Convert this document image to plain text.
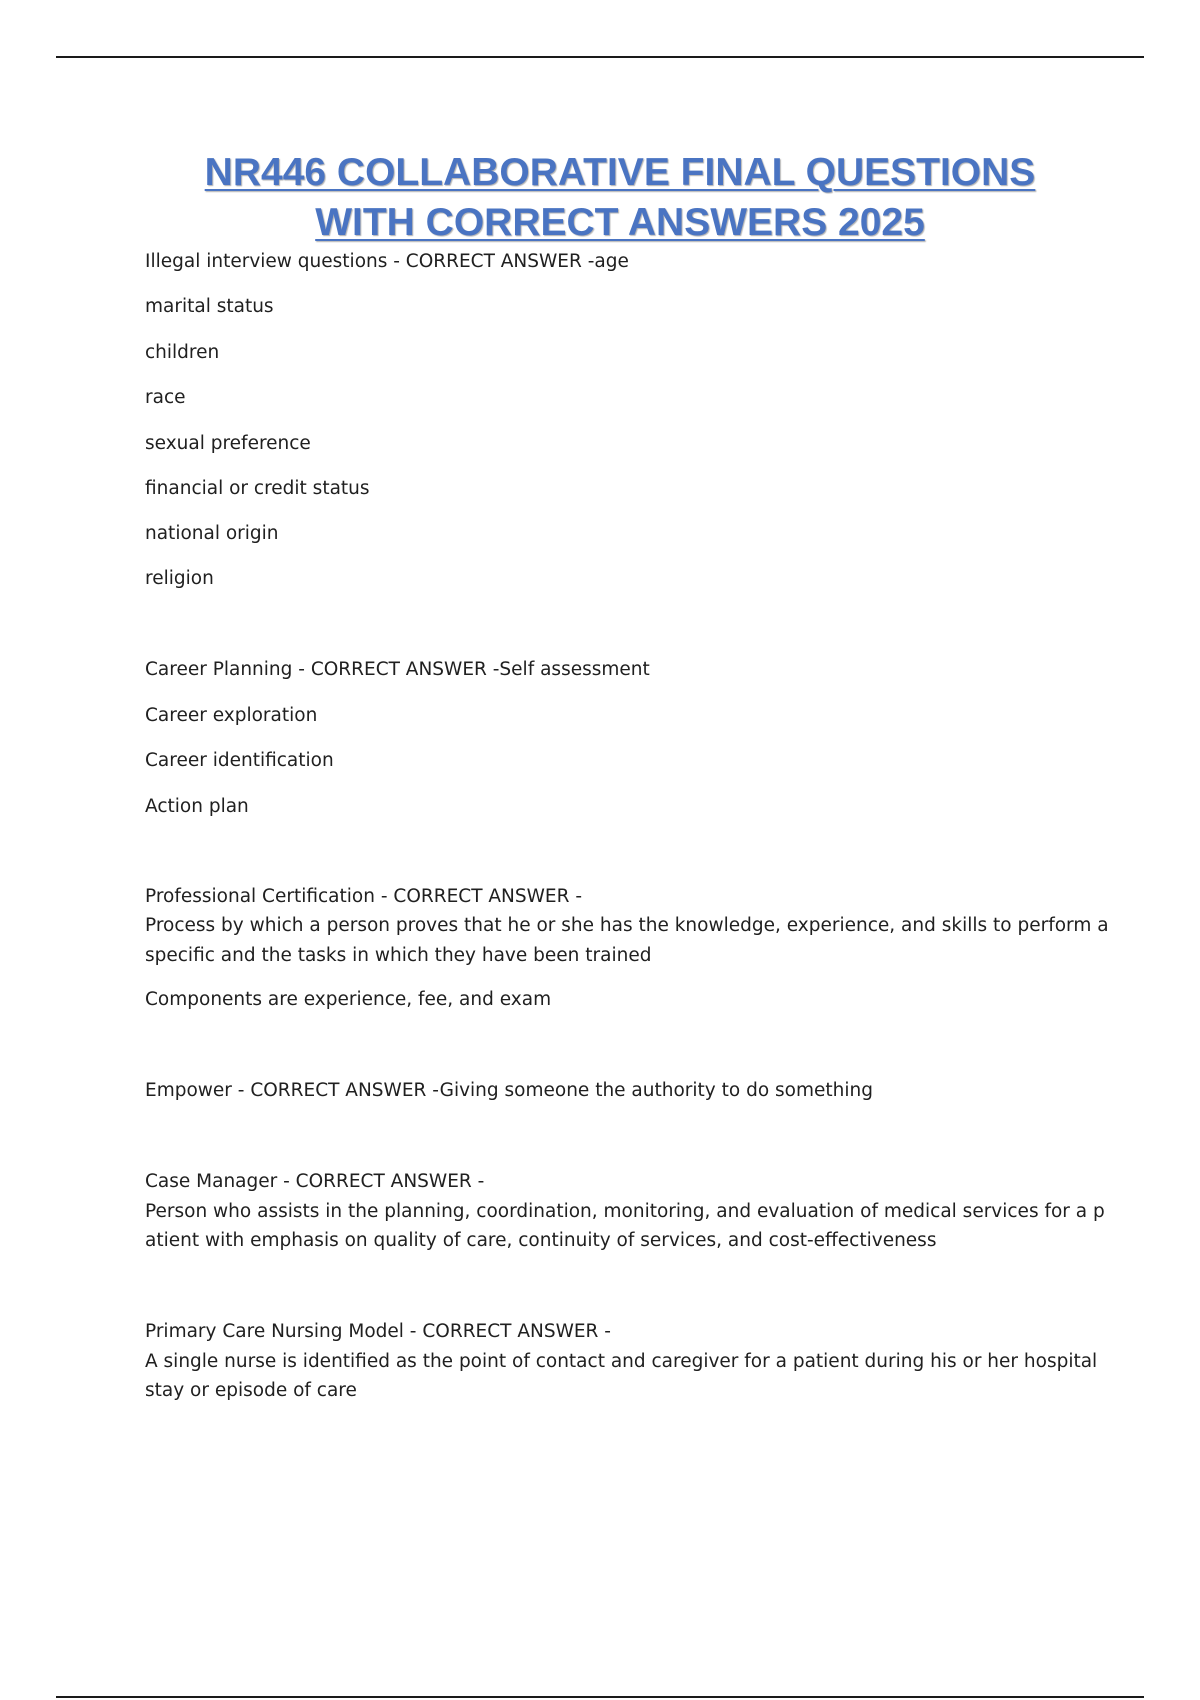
NR446 COLLABORATIVE FINAL QUESTIONS
WITH CORRECT ANSWERS 2025

Illegal interview questions - CORRECT ANSWER -age

marital status

children

race

sexual preference

financial or credit status

national origin

religion

Career Planning - CORRECT ANSWER -Self assessment

Career exploration

Career identification

Action plan

Professional Certification - CORRECT ANSWER -

Process by which a person proves that he or she has the knowledge, experience, and skills to perform a

specific and the tasks in which they have been trained

Components are experience, fee, and exam

Empower - CORRECT ANSWER -Giving someone the authority to do something

Case Manager - CORRECT ANSWER -

Person who assists in the planning, coordination, monitoring, and evaluation of medical services for a p

atient with emphasis on quality of care, continuity of services, and cost-effectiveness

Primary Care Nursing Model - CORRECT ANSWER -

A single nurse is identified as the point of contact and caregiver for a patient during his or her hospital

stay or episode of care
